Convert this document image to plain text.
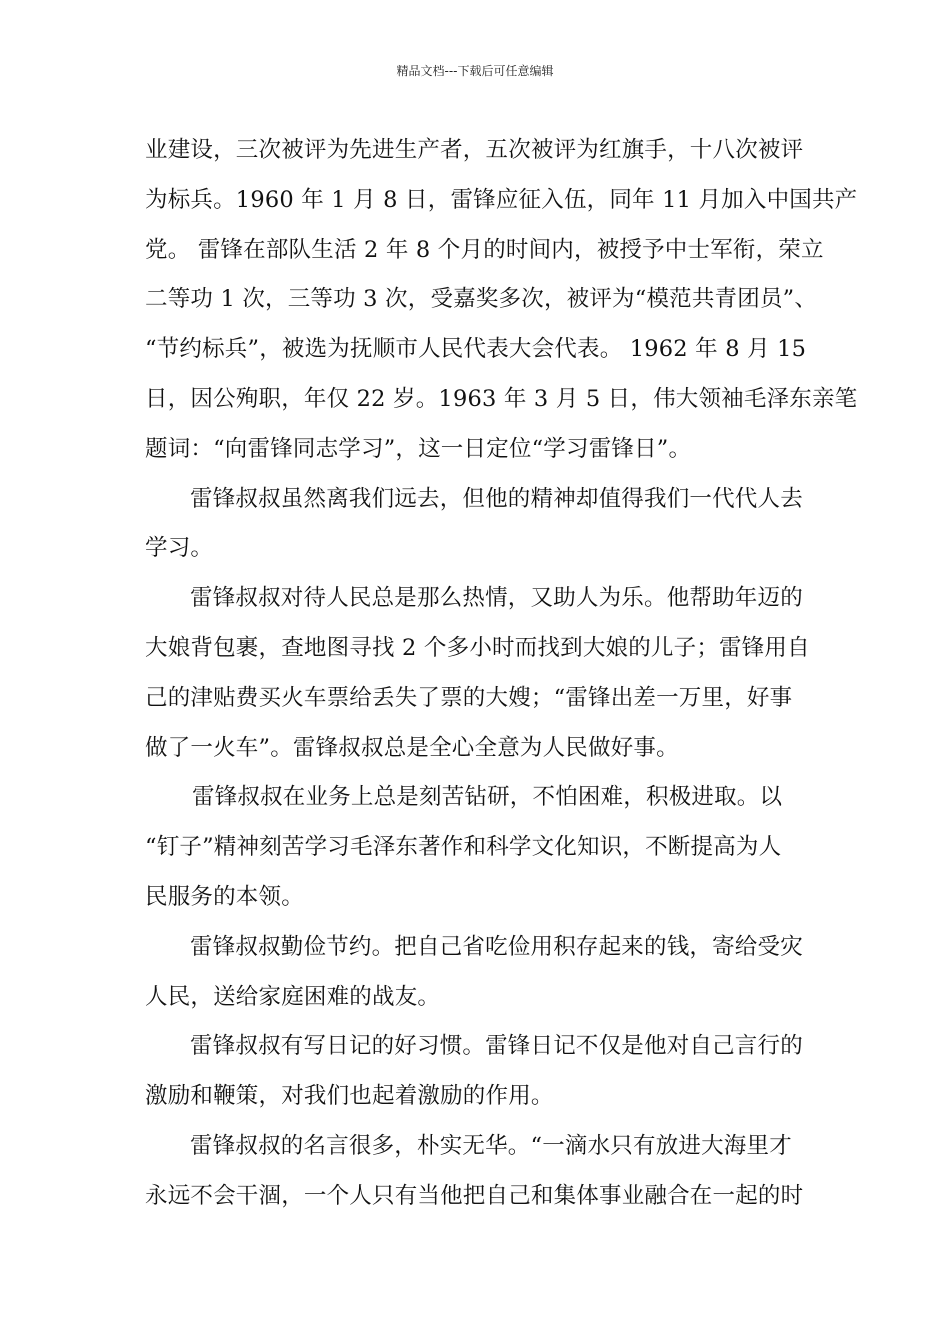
精品文档---下载后可任意编辑
业建设，三次被评为先进生产者，五次被评为红旗手，十八次被评
为标兵。1960 年 1 月 8 日，雷锋应征入伍，同年 11 月加入中国共产
党。 雷锋在部队生活 2 年 8 个月的时间内，被授予中士军衔，荣立
二等功 1 次，三等功 3 次，受嘉奖多次，被评为“模范共青团员”、
“节约标兵”，被选为抚顺市人民代表大会代表。 1962 年 8 月 15
日，因公殉职，年仅 22 岁。1963 年 3 月 5 日，伟大领袖毛泽东亲笔
题词：“向雷锋同志学习”，这一日定位“学习雷锋日”。
雷锋叔叔虽然离我们远去，但他的精神却值得我们一代代人去
学习。
雷锋叔叔对待人民总是那么热情，又助人为乐。他帮助年迈的
大娘背包裹，查地图寻找 2 个多小时而找到大娘的儿子；雷锋用自
己的津贴费买火车票给丢失了票的大嫂；“雷锋出差一万里，好事
做了一火车”。雷锋叔叔总是全心全意为人民做好事。
雷锋叔叔在业务上总是刻苦钻研，不怕困难，积极进取。以
“钉子”精神刻苦学习毛泽东著作和科学文化知识，不断提高为人
民服务的本领。
雷锋叔叔勤俭节约。把自己省吃俭用积存起来的钱，寄给受灾
人民，送给家庭困难的战友。
雷锋叔叔有写日记的好习惯。雷锋日记不仅是他对自己言行的
激励和鞭策，对我们也起着激励的作用。
雷锋叔叔的名言很多，朴实无华。“一滴水只有放进大海里才
永远不会干涸，一个人只有当他把自己和集体事业融合在一起的时
